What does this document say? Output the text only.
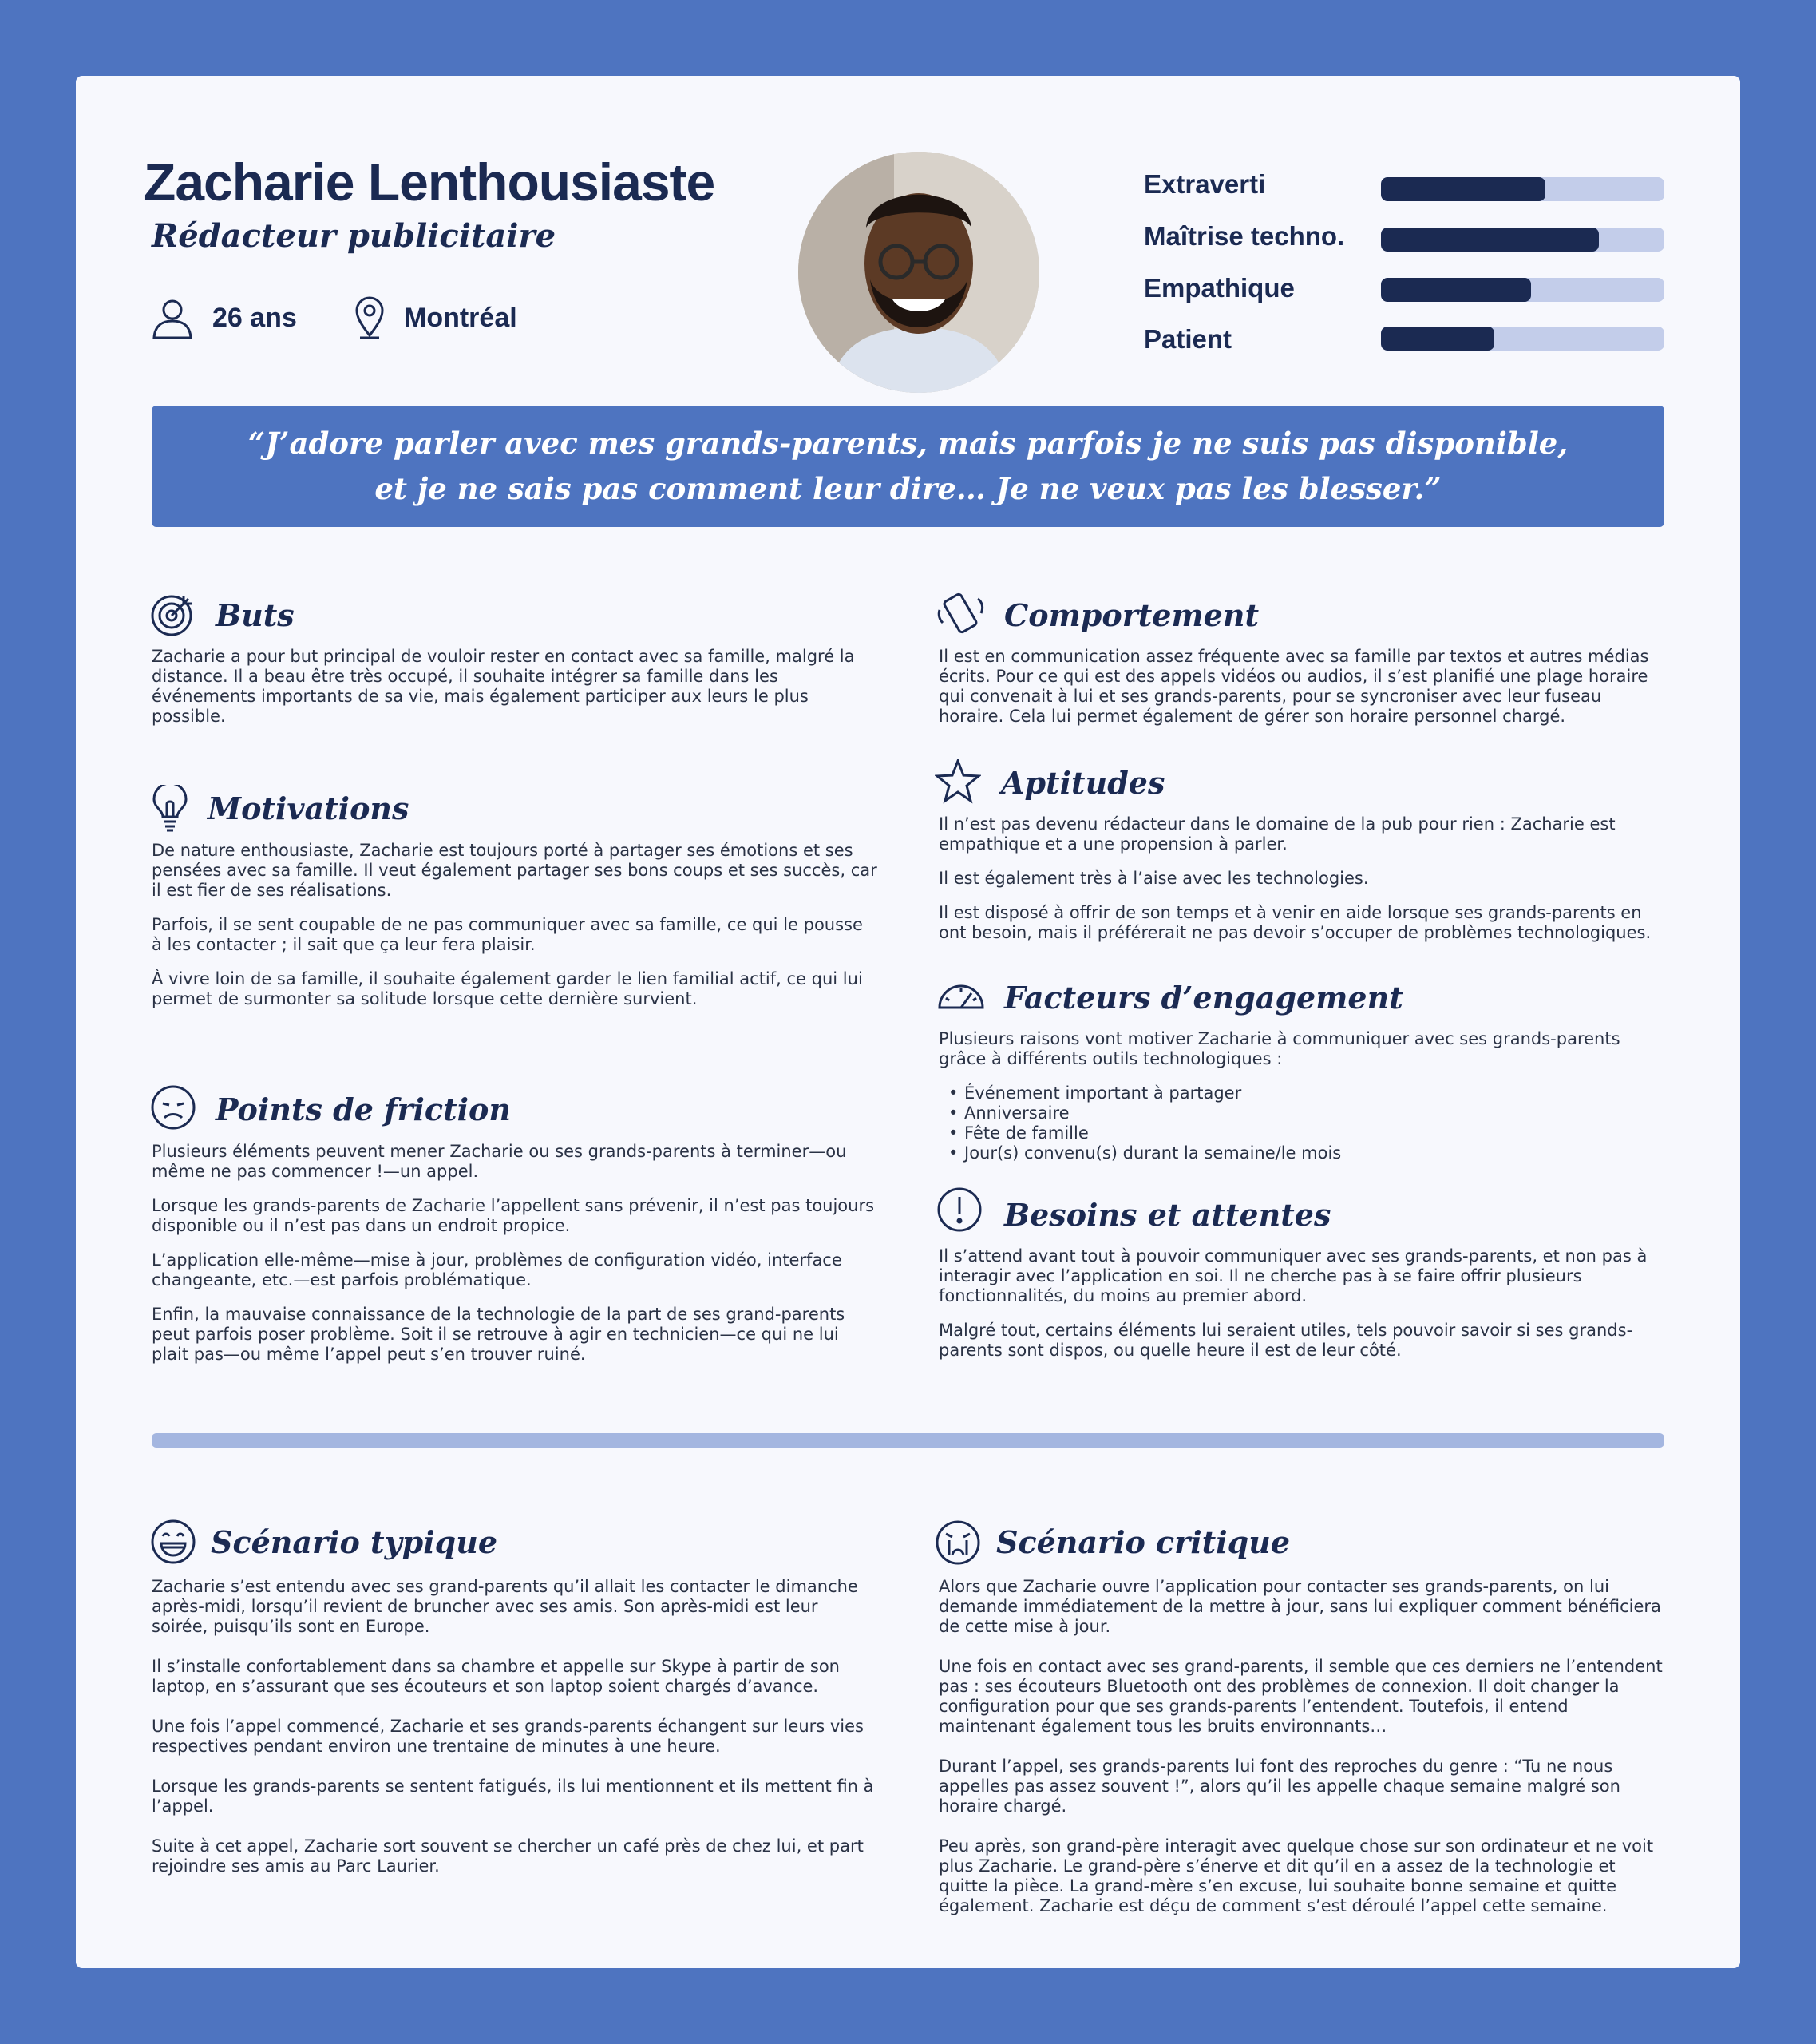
Zacharie Lenthousiaste
Rédacteur publicitaire
26 ans	Montréal
Extraverti
Maîtrise techno.
Empathique
Patient
“J’adore parler avec mes grands-parents, mais parfois je ne suis pas disponible,
et je ne sais pas comment leur dire… Je ne veux pas les blesser.”
Buts

Zacharie a pour but principal de vouloir rester en contact avec sa famille, malgré la distance. Il a beau être très occupé, il souhaite intégrer sa famille dans les événements importants de sa vie, mais également participer aux leurs le plus possible.

Motivations

De nature enthousiaste, Zacharie est toujours porté à partager ses émotions et ses pensées avec sa famille. Il veut également partager ses bons coups et ses succès, car il est fier de ses réalisations.

Parfois, il se sent coupable de ne pas communiquer avec sa famille, ce qui le pousse à les contacter ; il sait que ça leur fera plaisir.

À vivre loin de sa famille, il souhaite également garder le lien familial actif, ce qui lui permet de surmonter sa solitude lorsque cette dernière survient.

Points de friction

Plusieurs éléments peuvent mener Zacharie ou ses grands-parents à terminer—ou même ne pas commencer !—un appel.

Lorsque les grands-parents de Zacharie l’appellent sans prévenir, il n’est pas toujours disponible ou il n’est pas dans un endroit propice.

L’application elle-même—mise à jour, problèmes de configuration vidéo, interface changeante, etc.—est parfois problématique.

Enfin, la mauvaise connaissance de la technologie de la part de ses grand-parents peut parfois poser problème. Soit il se retrouve à agir en technicien—ce qui ne lui plait pas—ou même l’appel peut s’en trouver ruiné.

Comportement

Il est en communication assez fréquente avec sa famille par textos et autres médias écrits. Pour ce qui est des appels vidéos ou audios, il s’est planifié une plage horaire qui convenait à lui et ses grands-parents, pour se syncroniser avec leur fuseau horaire. Cela lui permet également de gérer son horaire personnel chargé.

Aptitudes

Il n’est pas devenu rédacteur dans le domaine de la pub pour rien : Zacharie est empathique et a une propension à parler.

Il est également très à l’aise avec les technologies.

Il est disposé à offrir de son temps et à venir en aide lorsque ses grands-parents en ont besoin, mais il préférerait ne pas devoir s’occuper de problèmes technologiques.

Facteurs d’engagement

Plusieurs raisons vont motiver Zacharie à communiquer avec ses grands-parents grâce à différents outils technologiques :

• Événement important à partager
• Anniversaire
• Fête de famille
• Jour(s) convenu(s) durant la semaine/le mois
Besoins et attentes

Il s’attend avant tout à pouvoir communiquer avec ses grands-parents, et non pas à interagir avec l’application en soi. Il ne cherche pas à se faire offrir plusieurs fonctionnalités, du moins au premier abord.

Malgré tout, certains éléments lui seraient utiles, tels pouvoir savoir si ses grands-parents sont dispos, ou quelle heure il est de leur côté.

Scénario typique

Zacharie s’est entendu avec ses grand-parents qu’il allait les contacter le dimanche après-midi, lorsqu’il revient de bruncher avec ses amis. Son après-midi est leur soirée, puisqu’ils sont en Europe.

Il s’installe confortablement dans sa chambre et appelle sur Skype à partir de son laptop, en s’assurant que ses écouteurs et son laptop soient chargés d’avance.

Une fois l’appel commencé, Zacharie et ses grands-parents échangent sur leurs vies respectives pendant environ une trentaine de minutes à une heure.

Lorsque les grands-parents se sentent fatigués, ils lui mentionnent et ils mettent fin à l’appel.

Suite à cet appel, Zacharie sort souvent se chercher un café près de chez lui, et part rejoindre ses amis au Parc Laurier.

Scénario critique

Alors que Zacharie ouvre l’application pour contacter ses grands-parents, on lui demande immédiatement de la mettre à jour, sans lui expliquer comment bénéficiera de cette mise à jour.

Une fois en contact avec ses grand-parents, il semble que ces derniers ne l’entendent pas : ses écouteurs Bluetooth ont des problèmes de connexion. Il doit changer la configuration pour que ses grands-parents l’entendent. Toutefois, il entend maintenant également tous les bruits environnants…

Durant l’appel, ses grands-parents lui font des reproches du genre : “Tu ne nous appelles pas assez souvent !”, alors qu’il les appelle chaque semaine malgré son horaire chargé.

Peu après, son grand-père interagit avec quelque chose sur son ordinateur et ne voit plus Zacharie. Le grand-père s’énerve et dit qu’il en a assez de la technologie et quitte la pièce. La grand-mère s’en excuse, lui souhaite bonne semaine et quitte également. Zacharie est déçu de comment s’est déroulé l’appel cette semaine.
